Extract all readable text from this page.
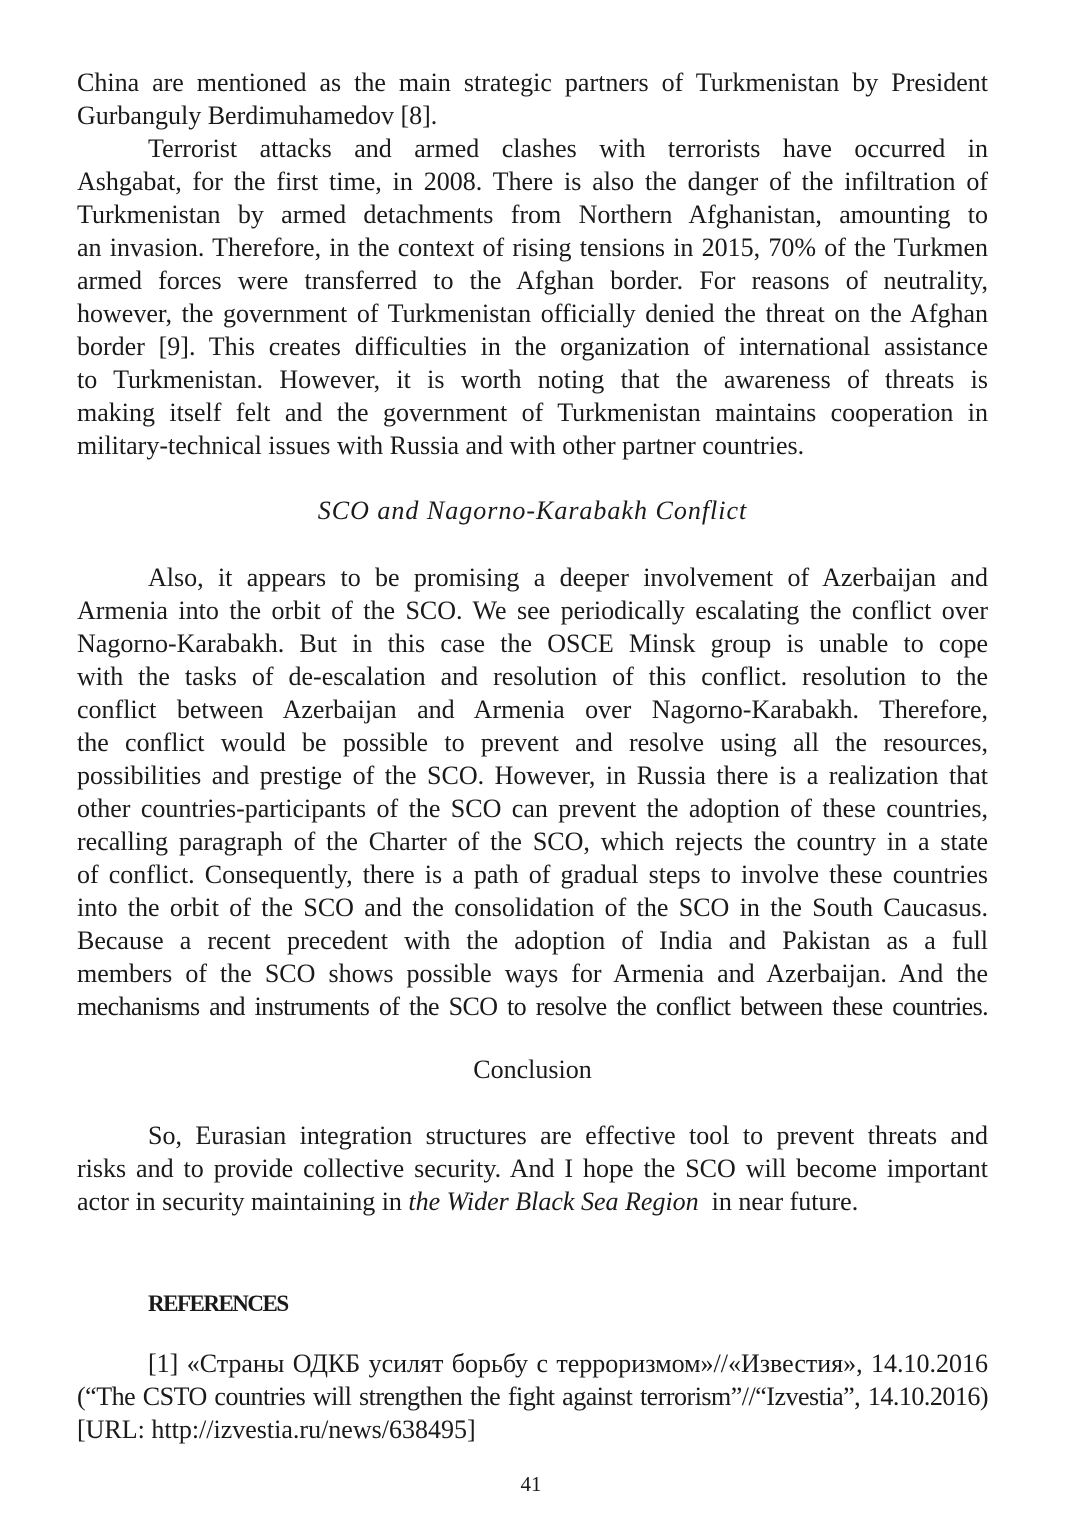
China are mentioned as the main strategic partners of Turkmenistan by President
Gurbanguly Berdimuhamedov [8].
Terrorist attacks and armed clashes with terrorists have occurred in
Ashgabat, for the first time, in 2008. There is also the danger of the infiltration of
Turkmenistan by armed detachments from Northern Afghanistan, amounting to
an invasion. Therefore, in the context of rising tensions in 2015, 70% of the Turkmen
armed forces were transferred to the Afghan border. For reasons of neutrality,
however, the government of Turkmenistan officially denied the threat on the Afghan
border [9]. This creates difficulties in the organization of international assistance
to Turkmenistan. However, it is worth noting that the awareness of threats is
making itself felt and the government of Turkmenistan maintains cooperation in
military-technical issues with Russia and with other partner countries.
SCO and Nagorno-Karabakh Conflict
Also, it appears to be promising a deeper involvement of Azerbaijan and
Armenia into the orbit of the SCO. We see periodically escalating the conflict over
Nagorno-Karabakh. But in this case the OSCE Minsk group is unable to cope
with the tasks of de-escalation and resolution of this conflict. resolution to the
conflict between Azerbaijan and Armenia over Nagorno-Karabakh. Therefore,
the conflict would be possible to prevent and resolve using all the resources,
possibilities and prestige of the SCO. However, in Russia there is a realization that
other countries-participants of the SCO can prevent the adoption of these countries,
recalling paragraph of the Charter of the SCO, which rejects the country in a state
of conflict. Consequently, there is a path of gradual steps to involve these countries
into the orbit of the SCO and the consolidation of the SCO in the South Caucasus.
Because a recent precedent with the adoption of India and Pakistan as a full
members of the SCO shows possible ways for Armenia and Azerbaijan. And the
mechanisms and instruments of the SCO to resolve the conflict between these countries.
Conclusion
So, Eurasian integration structures are effective tool to prevent threats and
risks and to provide collective security. And I hope the SCO will become important
actor in security maintaining in the Wider Black Sea Region  in near future.
REFERENCES
[1] «Страны ОДКБ усилят борьбу с терроризмом»//«Известия», 14.10.2016
(“The CSTO countries will strengthen the fight against terrorism”//“Izvestia”, 14.10.2016)
[URL: http://izvestia.ru/news/638495]
41
